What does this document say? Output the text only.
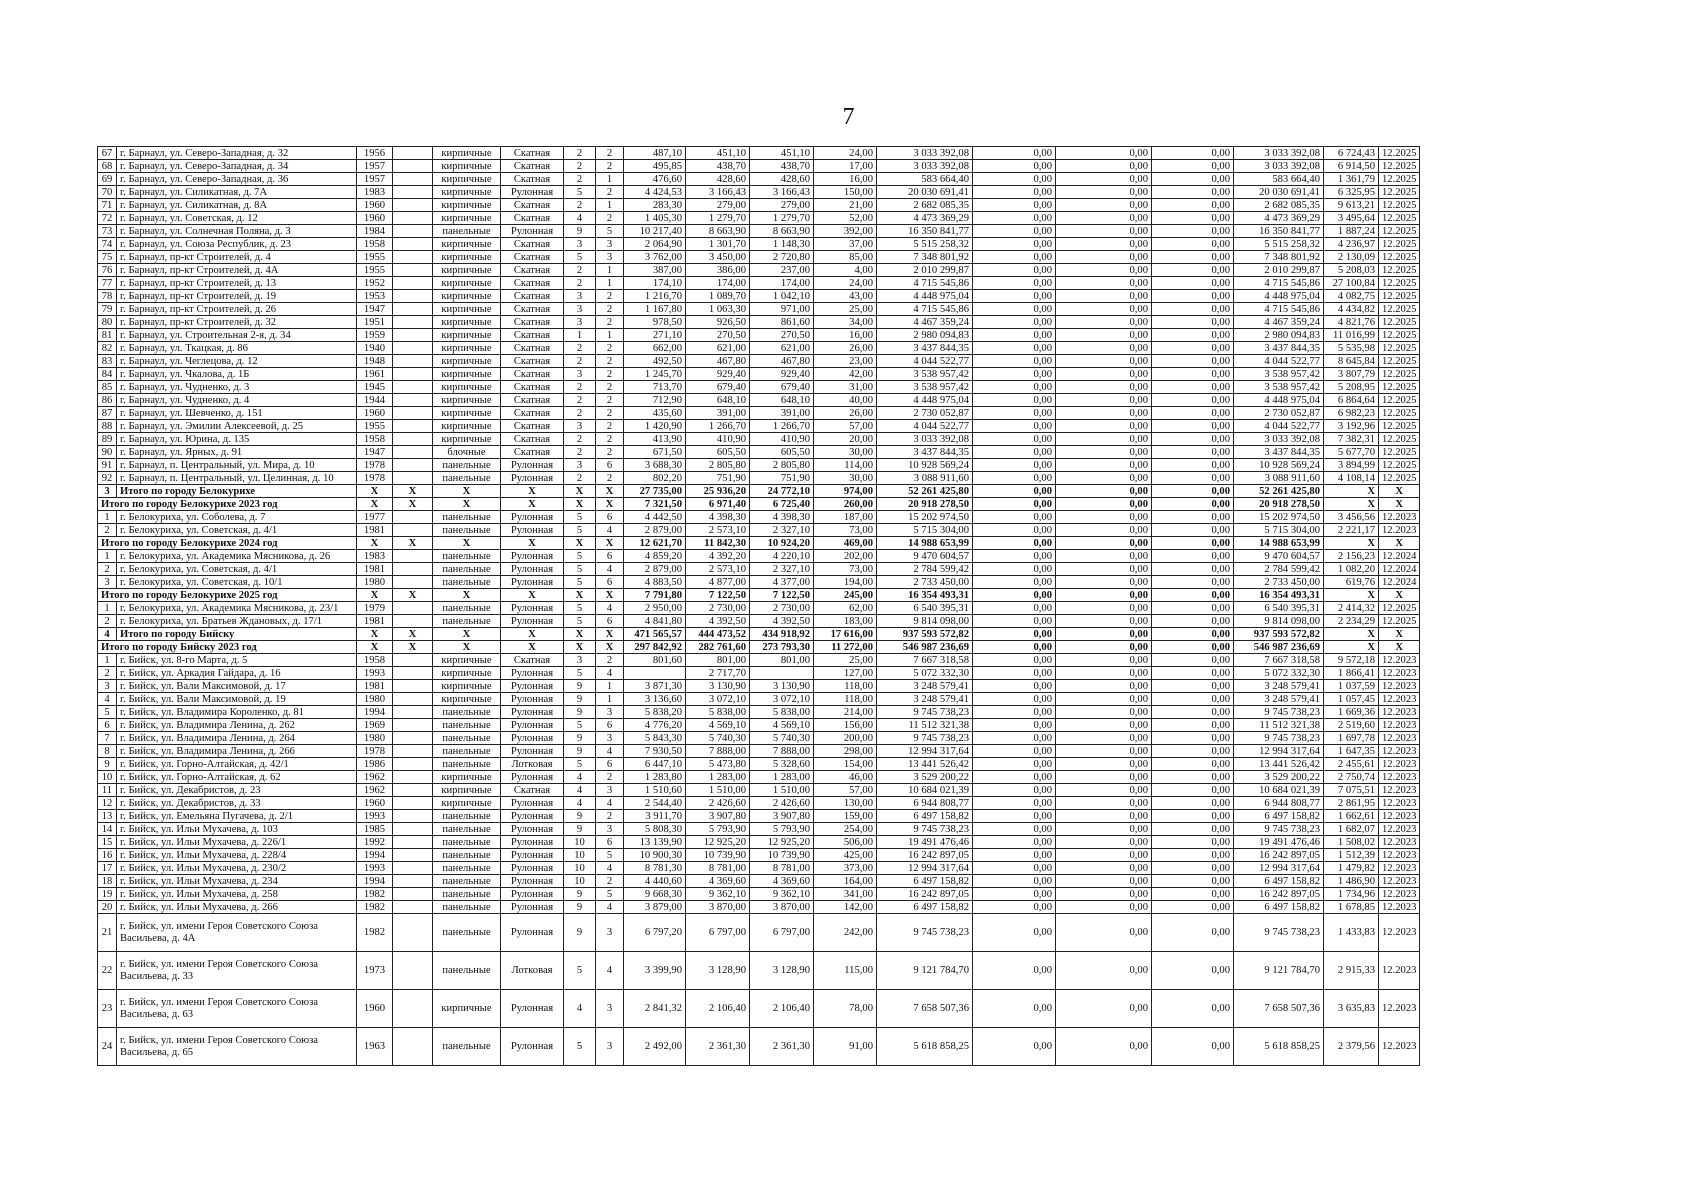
7
67	г. Барнаул, ул. Северо-Западная, д. 32	1956		кирпичные	Скатная	2	2	487,10	451,10	451,10	24,00	3 033 392,08	0,00	0,00	0,00	3 033 392,08	6 724,43	12.2025
68	г. Барнаул, ул. Северо-Западная, д. 34	1957		кирпичные	Скатная	2	2	495,85	438,70	438,70	17,00	3 033 392,08	0,00	0,00	0,00	3 033 392,08	6 914,50	12.2025
69	г. Барнаул, ул. Северо-Западная, д. 36	1957		кирпичные	Скатная	2	1	476,60	428,60	428,60	16,00	583 664,40	0,00	0,00	0,00	583 664,40	1 361,79	12.2025
70	г. Барнаул, ул. Силикатная, д. 7А	1983		кирпичные	Рулонная	5	2	4 424,53	3 166,43	3 166,43	150,00	20 030 691,41	0,00	0,00	0,00	20 030 691,41	6 325,95	12.2025
71	г. Барнаул, ул. Силикатная, д. 8А	1960		кирпичные	Скатная	2	1	283,30	279,00	279,00	21,00	2 682 085,35	0,00	0,00	0,00	2 682 085,35	9 613,21	12.2025
72	г. Барнаул, ул. Советская, д. 12	1960		кирпичные	Скатная	4	2	1 405,30	1 279,70	1 279,70	52,00	4 473 369,29	0,00	0,00	0,00	4 473 369,29	3 495,64	12.2025
73	г. Барнаул, ул. Солнечная Поляна, д. 3	1984		панельные	Рулонная	9	5	10 217,40	8 663,90	8 663,90	392,00	16 350 841,77	0,00	0,00	0,00	16 350 841,77	1 887,24	12.2025
74	г. Барнаул, ул. Союза Республик, д. 23	1958		кирпичные	Скатная	3	3	2 064,90	1 301,70	1 148,30	37,00	5 515 258,32	0,00	0,00	0,00	5 515 258,32	4 236,97	12.2025
75	г. Барнаул, пр-кт Строителей, д. 4	1955		кирпичные	Скатная	5	3	3 762,00	3 450,00	2 720,80	85,00	7 348 801,92	0,00	0,00	0,00	7 348 801,92	2 130,09	12.2025
76	г. Барнаул, пр-кт Строителей, д. 4А	1955		кирпичные	Скатная	2	1	387,00	386,00	237,00	4,00	2 010 299,87	0,00	0,00	0,00	2 010 299,87	5 208,03	12.2025
77	г. Барнаул, пр-кт Строителей, д. 13	1952		кирпичные	Скатная	2	1	174,10	174,00	174,00	24,00	4 715 545,86	0,00	0,00	0,00	4 715 545,86	27 100,84	12.2025
78	г. Барнаул, пр-кт Строителей, д. 19	1953		кирпичные	Скатная	3	2	1 216,70	1 089,70	1 042,10	43,00	4 448 975,04	0,00	0,00	0,00	4 448 975,04	4 082,75	12.2025
79	г. Барнаул, пр-кт Строителей, д. 26	1947		кирпичные	Скатная	3	2	1 167,80	1 063,30	971,00	25,00	4 715 545,86	0,00	0,00	0,00	4 715 545,86	4 434,82	12.2025
80	г. Барнаул, пр-кт Строителей, д. 32	1951		кирпичные	Скатная	3	2	978,50	926,50	861,60	34,00	4 467 359,24	0,00	0,00	0,00	4 467 359,24	4 821,76	12.2025
81	г. Барнаул, ул. Строительная 2-я, д. 34	1959		кирпичные	Скатная	1	1	271,10	270,50	270,50	16,00	2 980 094,83	0,00	0,00	0,00	2 980 094,83	11 016,99	12.2025
82	г. Барнаул, ул. Ткацкая, д. 86	1940		кирпичные	Скатная	2	2	662,00	621,00	621,00	26,00	3 437 844,35	0,00	0,00	0,00	3 437 844,35	5 535,98	12.2025
83	г. Барнаул, ул. Чеглецова, д. 12	1948		кирпичные	Скатная	2	2	492,50	467,80	467,80	23,00	4 044 522,77	0,00	0,00	0,00	4 044 522,77	8 645,84	12.2025
84	г. Барнаул, ул. Чкалова, д. 1Б	1961		кирпичные	Скатная	3	2	1 245,70	929,40	929,40	42,00	3 538 957,42	0,00	0,00	0,00	3 538 957,42	3 807,79	12.2025
85	г. Барнаул, ул. Чудненко, д. 3	1945		кирпичные	Скатная	2	2	713,70	679,40	679,40	31,00	3 538 957,42	0,00	0,00	0,00	3 538 957,42	5 208,95	12.2025
86	г. Барнаул, ул. Чудненко, д. 4	1944		кирпичные	Скатная	2	2	712,90	648,10	648,10	40,00	4 448 975,04	0,00	0,00	0,00	4 448 975,04	6 864,64	12.2025
87	г. Барнаул, ул. Шевченко, д. 151	1960		кирпичные	Скатная	2	2	435,60	391,00	391,00	26,00	2 730 052,87	0,00	0,00	0,00	2 730 052,87	6 982,23	12.2025
88	г. Барнаул, ул. Эмилии Алексеевой, д. 25	1955		кирпичные	Скатная	3	2	1 420,90	1 266,70	1 266,70	57,00	4 044 522,77	0,00	0,00	0,00	4 044 522,77	3 192,96	12.2025
89	г. Барнаул, ул. Юрина, д. 135	1958		кирпичные	Скатная	2	2	413,90	410,90	410,90	20,00	3 033 392,08	0,00	0,00	0,00	3 033 392,08	7 382,31	12.2025
90	г. Барнаул, ул. Ярных, д. 91	1947		блочные	Скатная	2	2	671,50	605,50	605,50	30,00	3 437 844,35	0,00	0,00	0,00	3 437 844,35	5 677,70	12.2025
91	г. Барнаул, п. Центральный, ул. Мира, д. 10	1978		панельные	Рулонная	3	6	3 688,30	2 805,80	2 805,80	114,00	10 928 569,24	0,00	0,00	0,00	10 928 569,24	3 894,99	12.2025
92	г. Барнаул, п. Центральный, ул. Целинная, д. 10	1978		панельные	Рулонная	2	2	802,20	751,90	751,90	30,00	3 088 911,60	0,00	0,00	0,00	3 088 911,60	4 108,14	12.2025
3	Итого по городу Белокурихе	X	X	X	X	X	X	27 735,00	25 936,20	24 772,10	974,00	52 261 425,80	0,00	0,00	0,00	52 261 425,80	X	X
Итого по городу Белокурихе 2023 год		X	X	X	X	X	X	7 321,50	6 971,40	6 725,40	260,00	20 918 278,50	0,00	0,00	0,00	20 918 278,50	X	X
1	г. Белокуриха, ул. Соболева, д. 7	1977		панельные	Рулонная	5	6	4 442,50	4 398,30	4 398,30	187,00	15 202 974,50	0,00	0,00	0,00	15 202 974,50	3 456,56	12.2023
2	г. Белокуриха, ул. Советская, д. 4/1	1981		панельные	Рулонная	5	4	2 879,00	2 573,10	2 327,10	73,00	5 715 304,00	0,00	0,00	0,00	5 715 304,00	2 221,17	12.2023
Итого по городу Белокурихе 2024 год		X	X	X	X	X	X	12 621,70	11 842,30	10 924,20	469,00	14 988 653,99	0,00	0,00	0,00	14 988 653,99	X	X
1	г. Белокуриха, ул. Академика Мясникова, д. 26	1983		панельные	Рулонная	5	6	4 859,20	4 392,20	4 220,10	202,00	9 470 604,57	0,00	0,00	0,00	9 470 604,57	2 156,23	12.2024
2	г. Белокуриха, ул. Советская, д. 4/1	1981		панельные	Рулонная	5	4	2 879,00	2 573,10	2 327,10	73,00	2 784 599,42	0,00	0,00	0,00	2 784 599,42	1 082,20	12.2024
3	г. Белокуриха, ул. Советская, д. 10/1	1980		панельные	Рулонная	5	6	4 883,50	4 877,00	4 377,00	194,00	2 733 450,00	0,00	0,00	0,00	2 733 450,00	619,76	12.2024
Итого по городу Белокурихе 2025 год		X	X	X	X	X	X	7 791,80	7 122,50	7 122,50	245,00	16 354 493,31	0,00	0,00	0,00	16 354 493,31	X	X
1	г. Белокуриха, ул. Академика Мясникова, д. 23/1	1979		панельные	Рулонная	5	4	2 950,00	2 730,00	2 730,00	62,00	6 540 395,31	0,00	0,00	0,00	6 540 395,31	2 414,32	12.2025
2	г. Белокуриха, ул. Братьев Ждановых, д. 17/1	1981		панельные	Рулонная	5	6	4 841,80	4 392,50	4 392,50	183,00	9 814 098,00	0,00	0,00	0,00	9 814 098,00	2 234,29	12.2025
4	Итого по городу Бийску	X	X	X	X	X	X	471 565,57	444 473,52	434 918,92	17 616,00	937 593 572,82	0,00	0,00	0,00	937 593 572,82	X	X
Итого по городу Бийску 2023 год		X	X	X	X	X	X	297 842,92	282 761,60	273 793,30	11 272,00	546 987 236,69	0,00	0,00	0,00	546 987 236,69	X	X
1	г. Бийск, ул. 8-го Марта, д. 5	1958		кирпичные	Скатная	3	2	801,60	801,00	801,00	25,00	7 667 318,58	0,00	0,00	0,00	7 667 318,58	9 572,18	12.2023
2	г. Бийск, ул. Аркадия Гайдара, д. 16	1993		кирпичные	Рулонная	5	4		2 717,70		127,00	5 072 332,30	0,00	0,00	0,00	5 072 332,30	1 866,41	12.2023
3	г. Бийск, ул. Вали Максимовой, д. 17	1981		кирпичные	Рулонная	9	1	3 871,30	3 130,90	3 130,90	118,00	3 248 579,41	0,00	0,00	0,00	3 248 579,41	1 037,59	12.2023
4	г. Бийск, ул. Вали Максимовой, д. 19	1980		кирпичные	Рулонная	9	1	3 136,60	3 072,10	3 072,10	118,00	3 248 579,41	0,00	0,00	0,00	3 248 579,41	1 057,45	12.2023
5	г. Бийск, ул. Владимира Короленко, д. 81	1994		панельные	Рулонная	9	3	5 838,20	5 838,00	5 838,00	214,00	9 745 738,23	0,00	0,00	0,00	9 745 738,23	1 669,36	12.2023
6	г. Бийск, ул. Владимира Ленина, д. 262	1969		панельные	Рулонная	5	6	4 776,20	4 569,10	4 569,10	156,00	11 512 321,38	0,00	0,00	0,00	11 512 321,38	2 519,60	12.2023
7	г. Бийск, ул. Владимира Ленина, д. 264	1980		панельные	Рулонная	9	3	5 843,30	5 740,30	5 740,30	200,00	9 745 738,23	0,00	0,00	0,00	9 745 738,23	1 697,78	12.2023
8	г. Бийск, ул. Владимира Ленина, д. 266	1978		панельные	Рулонная	9	4	7 930,50	7 888,00	7 888,00	298,00	12 994 317,64	0,00	0,00	0,00	12 994 317,64	1 647,35	12.2023
9	г. Бийск, ул. Горно-Алтайская, д. 42/1	1986		панельные	Лотковая	5	6	6 447,10	5 473,80	5 328,60	154,00	13 441 526,42	0,00	0,00	0,00	13 441 526,42	2 455,61	12.2023
10	г. Бийск, ул. Горно-Алтайская, д. 62	1962		кирпичные	Рулонная	4	2	1 283,80	1 283,00	1 283,00	46,00	3 529 200,22	0,00	0,00	0,00	3 529 200,22	2 750,74	12.2023
11	г. Бийск, ул. Декабристов, д. 23	1962		кирпичные	Скатная	4	3	1 510,60	1 510,00	1 510,00	57,00	10 684 021,39	0,00	0,00	0,00	10 684 021,39	7 075,51	12.2023
12	г. Бийск, ул. Декабристов, д. 33	1960		кирпичные	Рулонная	4	4	2 544,40	2 426,60	2 426,60	130,00	6 944 808,77	0,00	0,00	0,00	6 944 808,77	2 861,95	12.2023
13	г. Бийск, ул. Емельяна Пугачева, д. 2/1	1993		панельные	Рулонная	9	2	3 911,70	3 907,80	3 907,80	159,00	6 497 158,82	0,00	0,00	0,00	6 497 158,82	1 662,61	12.2023
14	г. Бийск, ул. Ильи Мухачева, д. 103	1985		панельные	Рулонная	9	3	5 808,30	5 793,90	5 793,90	254,00	9 745 738,23	0,00	0,00	0,00	9 745 738,23	1 682,07	12.2023
15	г. Бийск, ул. Ильи Мухачева, д. 226/1	1992		панельные	Рулонная	10	6	13 139,90	12 925,20	12 925,20	506,00	19 491 476,46	0,00	0,00	0,00	19 491 476,46	1 508,02	12.2023
16	г. Бийск, ул. Ильи Мухачева, д. 228/4	1994		панельные	Рулонная	10	5	10 900,30	10 739,90	10 739,90	425,00	16 242 897,05	0,00	0,00	0,00	16 242 897,05	1 512,39	12.2023
17	г. Бийск, ул. Ильи Мухачева, д. 230/2	1993		панельные	Рулонная	10	4	8 781,30	8 781,00	8 781,00	373,00	12 994 317,64	0,00	0,00	0,00	12 994 317,64	1 479,82	12.2023
18	г. Бийск, ул. Ильи Мухачева, д. 234	1994		панельные	Рулонная	10	2	4 440,60	4 369,60	4 369,60	164,00	6 497 158,82	0,00	0,00	0,00	6 497 158,82	1 486,90	12.2023
19	г. Бийск, ул. Ильи Мухачева, д. 258	1982		панельные	Рулонная	9	5	9 668,30	9 362,10	9 362,10	341,00	16 242 897,05	0,00	0,00	0,00	16 242 897,05	1 734,96	12.2023
20	г. Бийск, ул. Ильи Мухачева, д. 266	1982		панельные	Рулонная	9	4	3 879,00	3 870,00	3 870,00	142,00	6 497 158,82	0,00	0,00	0,00	6 497 158,82	1 678,85	12.2023
21	г. Бийск, ул. имени Героя Советского Союза Васильева, д. 4А	1982		панельные	Рулонная	9	3	6 797,20	6 797,00	6 797,00	242,00	9 745 738,23	0,00	0,00	0,00	9 745 738,23	1 433,83	12.2023
22	г. Бийск, ул. имени Героя Советского Союза Васильева, д. 33	1973		панельные	Лотковая	5	4	3 399,90	3 128,90	3 128,90	115,00	9 121 784,70	0,00	0,00	0,00	9 121 784,70	2 915,33	12.2023
23	г. Бийск, ул. имени Героя Советского Союза Васильева, д. 63	1960		кирпичные	Рулонная	4	3	2 841,32	2 106,40	2 106,40	78,00	7 658 507,36	0,00	0,00	0,00	7 658 507,36	3 635,83	12.2023
24	г. Бийск, ул. имени Героя Советского Союза Васильева, д. 65	1963		панельные	Рулонная	5	3	2 492,00	2 361,30	2 361,30	91,00	5 618 858,25	0,00	0,00	0,00	5 618 858,25	2 379,56	12.2023
